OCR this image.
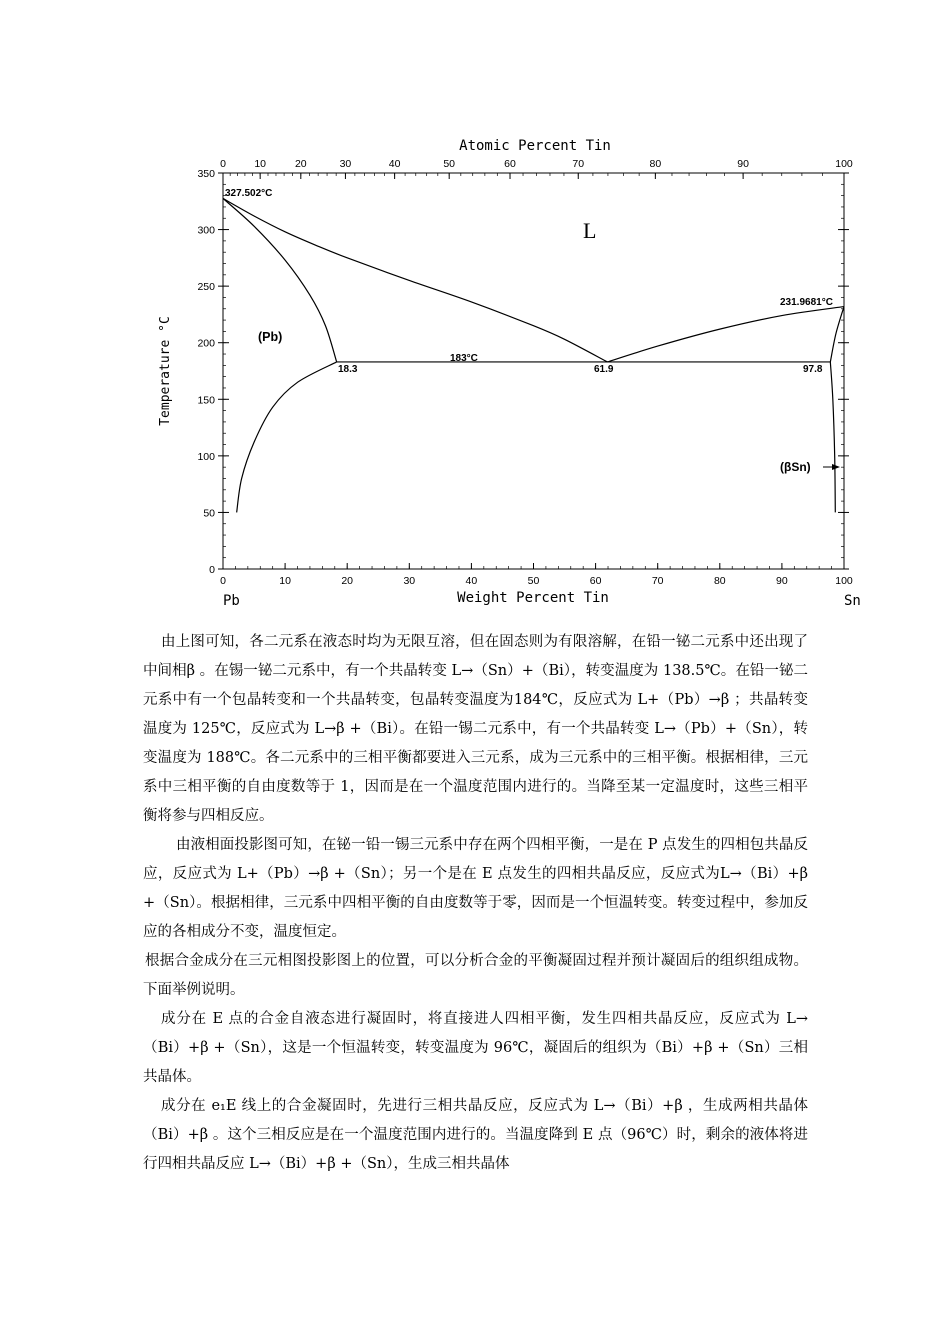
Atomic Percent Tin
0	10	20	30	40	50	60	70	80	90	100
0	10	20	30	40	50	60	70	80	90	100
0
50
100
150
200
250
300
350
Temperature °C
Weight Percent Tin
Pb	Sn
327.502°C
231.9681°C
183°C
18.3	61.9	97.8
L
(Pb)
(βSn)

由上图可知，各二元系在液态时均为无限互溶，但在固态则为有限溶解，在铅一铋二元系中还出现了中间相β 。在锡一铋二元系中，有一个共晶转变 L→（Sn）+（Bi），转变温度为 138.5℃。在铅一铋二元系中有一个包晶转变和一个共晶转变，包晶转变温度为184℃，反应式为 L+（Pb）→β ；共晶转变温度为 125℃，反应式为 L→β +（Bi）。在铅一锡二元系中，有一个共晶转变 L→（Pb）+（Sn），转变温度为 188℃。各二元系中的三相平衡都要进入三元系，成为三元系中的三相平衡。根据相律，三元系中三相平衡的自由度数等于 1，因而是在一个温度范围内进行的。当降至某一定温度时，这些三相平衡将参与四相反应。

由液相面投影图可知，在铋一铅一锡三元系中存在两个四相平衡，一是在 P 点发生的四相包共晶反应，反应式为 L+（Pb）→β +（Sn）；另一个是在 E 点发生的四相共晶反应，反应式为L→（Bi）+β +（Sn）。根据相律，三元系中四相平衡的自由度数等于零，因而是一个恒温转变。转变过程中，参加反应的各相成分不变，温度恒定。

根据合金成分在三元相图投影图上的位置，可以分析合金的平衡凝固过程并预计凝固后的组织组成物。下面举例说明。

成分在 E 点的合金自液态进行凝固时，将直接进人四相平衡，发生四相共晶反应，反应式为 L→（Bi）+β +（Sn），这是一个恒温转变，转变温度为 96℃，凝固后的组织为（Bi）+β +（Sn）三相共晶体。

成分在 e₁E 线上的合金凝固时，先进行三相共晶反应，反应式为 L→（Bi）+β ，生成两相共晶体（Bi）+β 。这个三相反应是在一个温度范围内进行的。当温度降到 E 点（96℃）时，剩余的液体将进行四相共晶反应 L→（Bi）+β +（Sn），生成三相共晶体
